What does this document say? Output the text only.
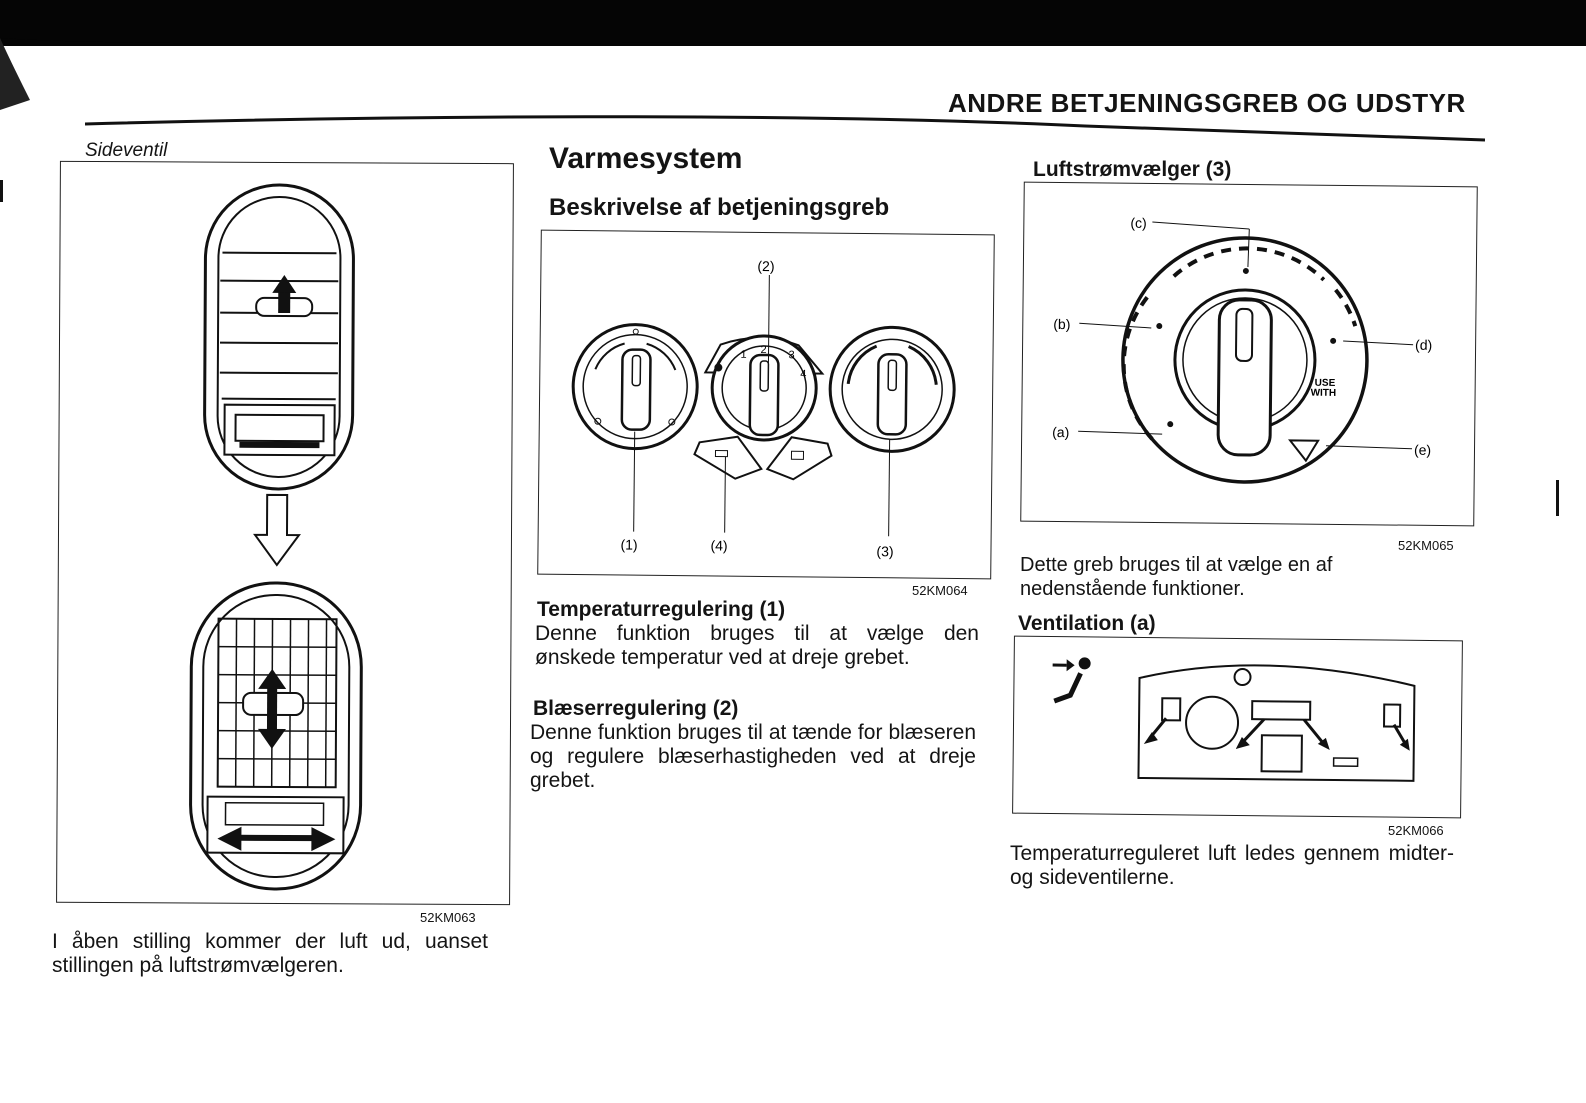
ANDRE BETJENINGSGREB OG UDSTYR
Sideventil
52KM063
I åben stilling kommer der luft ud, uanset stillingen på luftstrømvælgeren.
Varmesystem
Beskrivelse af betjeningsgreb
1 2 3
4
(1)
(2)
(3)
(4)
52KM064
Temperaturregulering (1)
Denne funktion bruges til at vælge den ønskede temperatur ved at dreje grebet.
Blæserregulering (2)
Denne funktion bruges til at tænde for blæseren og regulere blæserhastigheden ved at dreje grebet.
Luftstrømvælger (3)
USE
WITH
(c)
(b)
(a)
(d)
(e)
52KM065
Dette greb bruges til at vælge en af nedenstående funktioner.
Ventilation (a)
52KM066
Temperaturreguleret luft ledes gennem midter- og sideventilerne.
